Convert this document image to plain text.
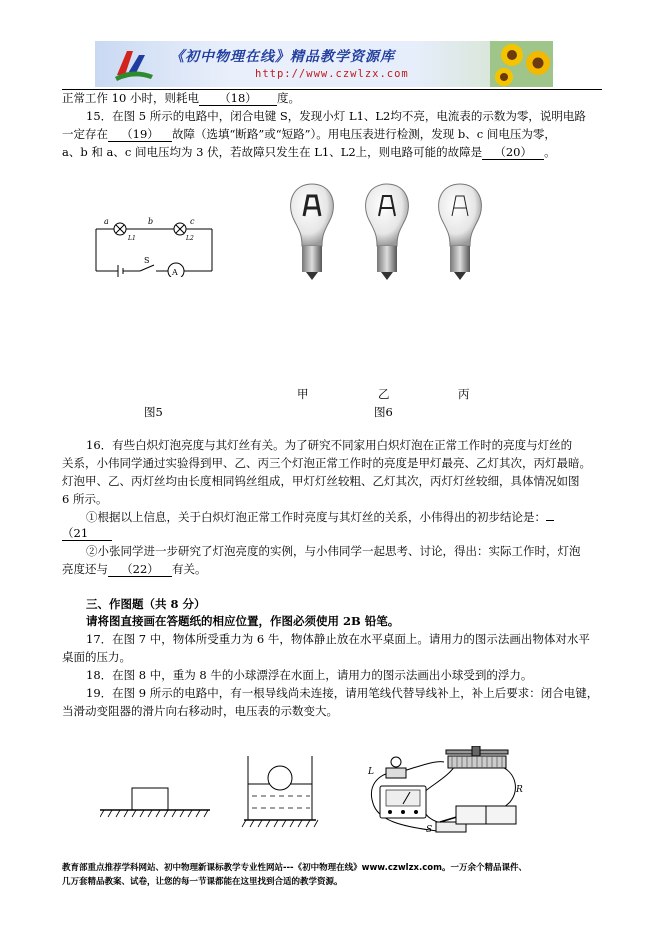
《初中物理在线》精品教学资源库
http://www.czwlzx.com
正常工作 10 小时，则耗电 （18） 度。
15．在图 5 所示的电路中，闭合电键 S，发现小灯 L1、L2均不亮，电流表的示数为零，说明电路
一定存在 （19） 故障（选填“断路”或“短路”）。用电压表进行检测，发现 b、c 间电压为零，
a、b 和 a、c 间电压均为 3 伏，若故障只发生在 L1、L2上，则电路可能的故障是 （20） 。
a	b	c
L1	L2
S
A
甲	乙	丙
图5	图6
16．有些白炽灯泡亮度与其灯丝有关。为了研究不同家用白炽灯泡在正常工作时的亮度与灯丝的
关系，小伟同学通过实验得到甲、乙、丙三个灯泡正常工作时的亮度是甲灯最亮、乙灯其次，丙灯最暗。
灯泡甲、乙、丙灯丝均由长度相同钨丝组成，甲灯灯丝较粗、乙灯其次，丙灯灯丝较细，具体情况如图
6 所示。
①根据以上信息，关于白炽灯泡正常工作时亮度与其灯丝的关系，小伟得出的初步结论是：
（21
②小张同学进一步研究了灯泡亮度的实例，与小伟同学一起思考、讨论，得出：实际工作时，灯泡
亮度还与 （22） 有关。
三、作图题（共 8 分）
请将图直接画在答题纸的相应位置，作图必须使用 2B 铅笔。
17．在图 7 中，物体所受重力为 6 牛，物体静止放在水平桌面上。请用力的图示法画出物体对水平
桌面的压力。
18．在图 8 中，重为 8 牛的小球漂浮在水面上，请用力的图示法画出小球受到的浮力。
19．在图 9 所示的电路中，有一根导线尚未连接，请用笔线代替导线补上，补上后要求：闭合电键，
当滑动变阻器的滑片向右移动时，电压表的示数变大。
L
R
S
教育部重点推荐学科网站、初中物理新课标教学专业性网站---《初中物理在线》www.czwlzx.com。一万余个精品课件、
几万套精品教案、试卷，让您的每一节课都能在这里找到合适的教学资源。
